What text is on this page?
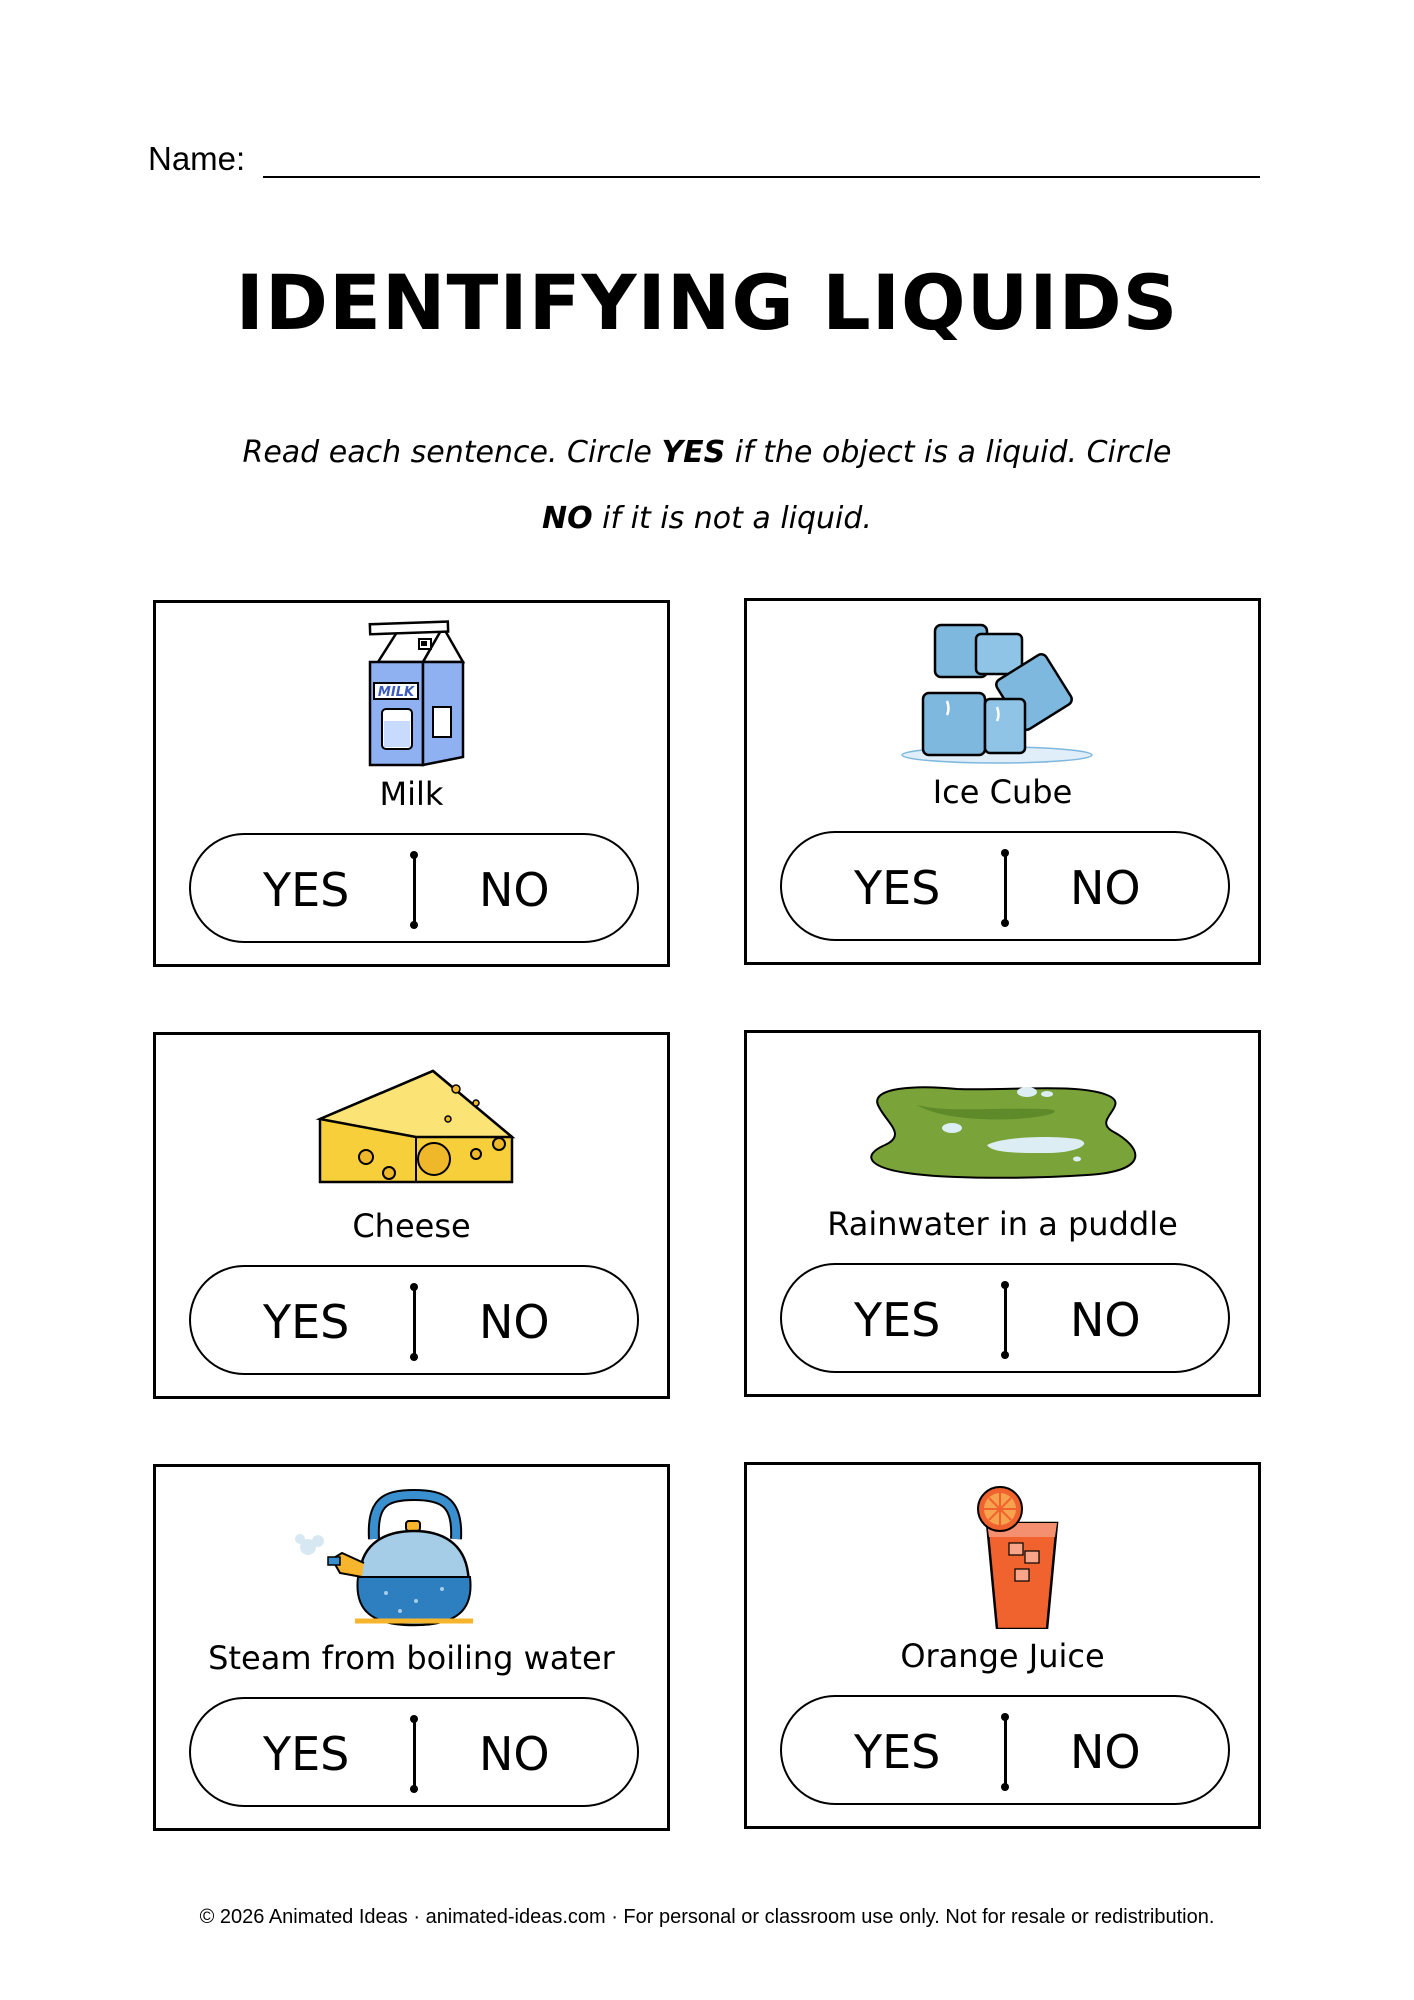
Name:
IDENTIFYING LIQUIDS
Read each sentence. Circle YES if the object is a liquid. Circle
NO if it is not a liquid.
MILK
Milk
YES	NO
Ice Cube
YES	NO
Cheese
YES	NO
Rainwater in a puddle
YES	NO
Steam from boiling water
YES	NO
Orange Juice
YES	NO
© 2026 Animated Ideas · animated-ideas.com · For personal or classroom use only. Not for resale or redistribution.
